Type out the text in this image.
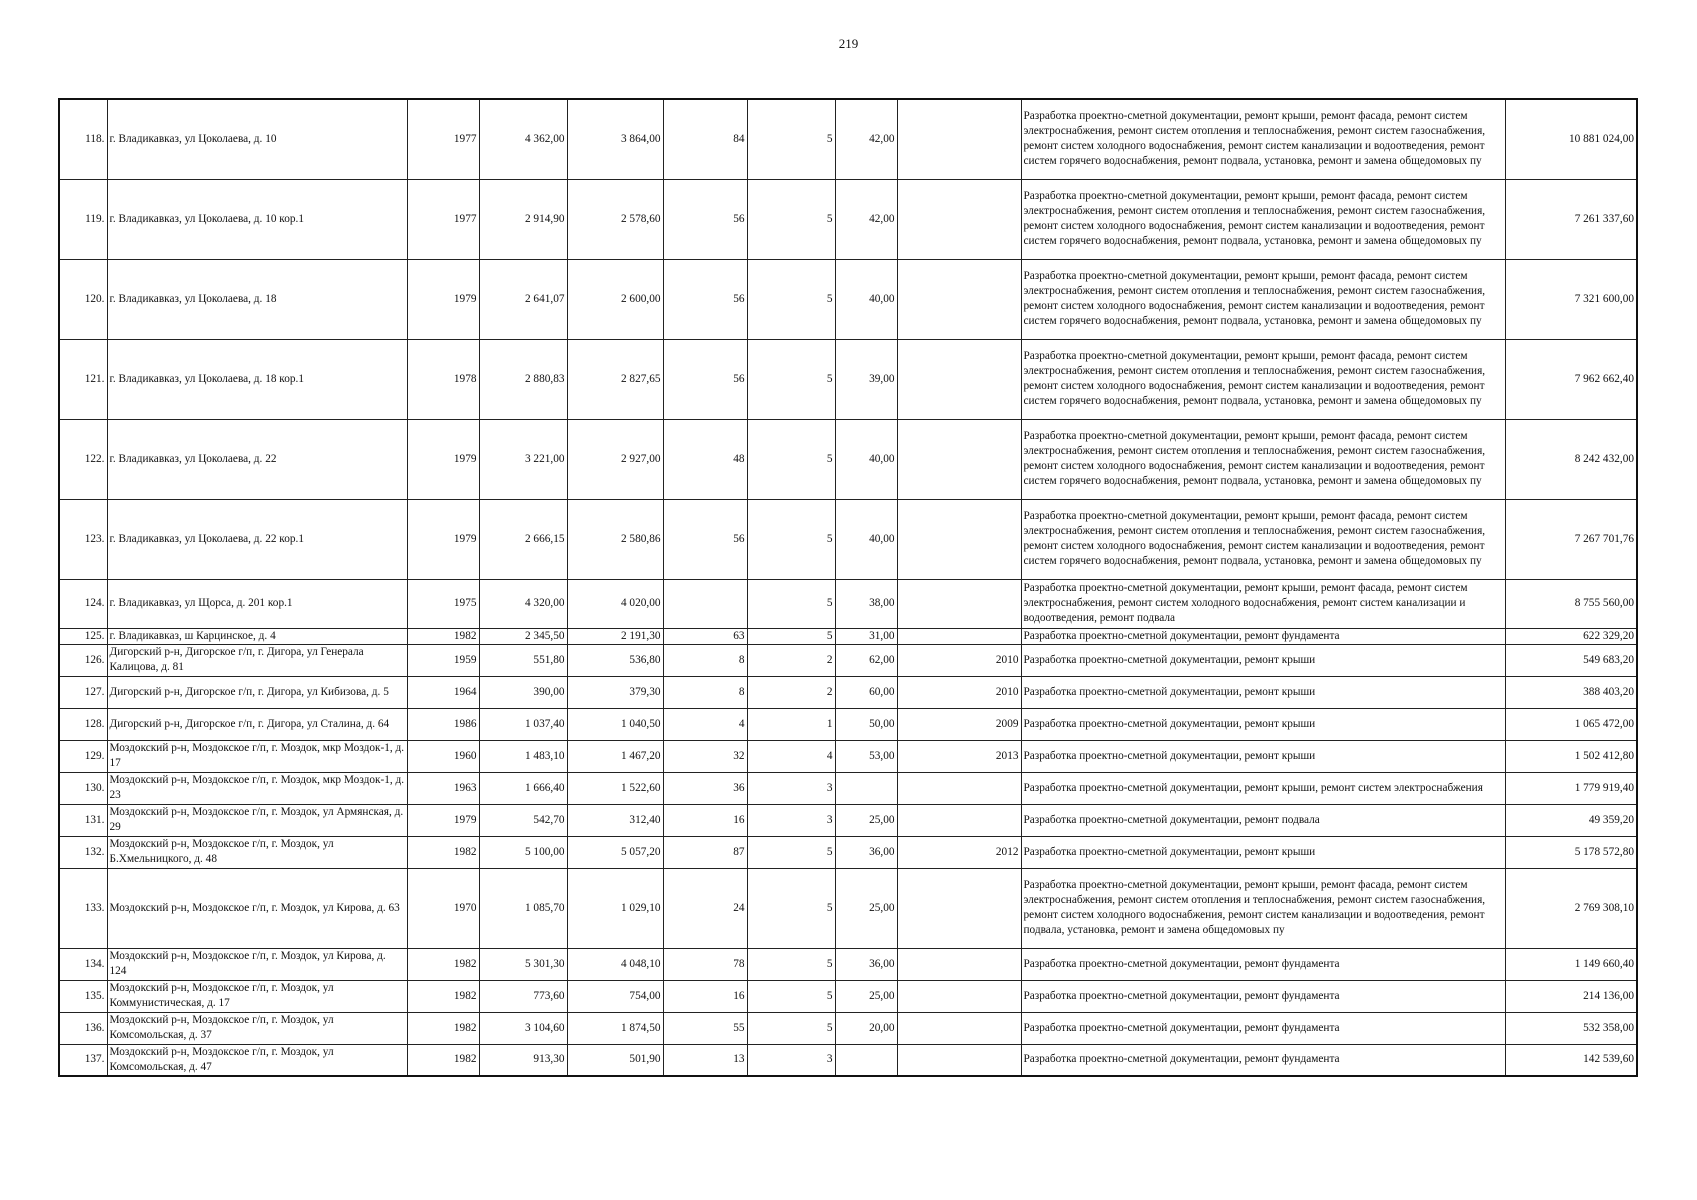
219
118.	г. Владикавказ, ул Цоколаева, д. 10	1977	4 362,00	3 864,00	84	5	42,00		Разработка проектно-сметной документации, ремонт крыши, ремонт фасада, ремонт систем электроснабжения, ремонт систем отопления и теплоснабжения, ремонт систем газоснабжения, ремонт систем холодного водоснабжения, ремонт систем канализации и водоотведения, ремонт систем горячего водоснабжения, ремонт подвала, установка, ремонт и замена общедомовых пу	10 881 024,00
119.	г. Владикавказ, ул Цоколаева, д. 10 кор.1	1977	2 914,90	2 578,60	56	5	42,00		Разработка проектно-сметной документации, ремонт крыши, ремонт фасада, ремонт систем электроснабжения, ремонт систем отопления и теплоснабжения, ремонт систем газоснабжения, ремонт систем холодного водоснабжения, ремонт систем канализации и водоотведения, ремонт систем горячего водоснабжения, ремонт подвала, установка, ремонт и замена общедомовых пу	7 261 337,60
120.	г. Владикавказ, ул Цоколаева, д. 18	1979	2 641,07	2 600,00	56	5	40,00		Разработка проектно-сметной документации, ремонт крыши, ремонт фасада, ремонт систем электроснабжения, ремонт систем отопления и теплоснабжения, ремонт систем газоснабжения, ремонт систем холодного водоснабжения, ремонт систем канализации и водоотведения, ремонт систем горячего водоснабжения, ремонт подвала, установка, ремонт и замена общедомовых пу	7 321 600,00
121.	г. Владикавказ, ул Цоколаева, д. 18 кор.1	1978	2 880,83	2 827,65	56	5	39,00		Разработка проектно-сметной документации, ремонт крыши, ремонт фасада, ремонт систем электроснабжения, ремонт систем отопления и теплоснабжения, ремонт систем газоснабжения, ремонт систем холодного водоснабжения, ремонт систем канализации и водоотведения, ремонт систем горячего водоснабжения, ремонт подвала, установка, ремонт и замена общедомовых пу	7 962 662,40
122.	г. Владикавказ, ул Цоколаева, д. 22	1979	3 221,00	2 927,00	48	5	40,00		Разработка проектно-сметной документации, ремонт крыши, ремонт фасада, ремонт систем электроснабжения, ремонт систем отопления и теплоснабжения, ремонт систем газоснабжения, ремонт систем холодного водоснабжения, ремонт систем канализации и водоотведения, ремонт систем горячего водоснабжения, ремонт подвала, установка, ремонт и замена общедомовых пу	8 242 432,00
123.	г. Владикавказ, ул Цоколаева, д. 22 кор.1	1979	2 666,15	2 580,86	56	5	40,00		Разработка проектно-сметной документации, ремонт крыши, ремонт фасада, ремонт систем электроснабжения, ремонт систем отопления и теплоснабжения, ремонт систем газоснабжения, ремонт систем холодного водоснабжения, ремонт систем канализации и водоотведения, ремонт систем горячего водоснабжения, ремонт подвала, установка, ремонт и замена общедомовых пу	7 267 701,76
124.	г. Владикавказ, ул Щорса, д. 201 кор.1	1975	4 320,00	4 020,00		5	38,00		Разработка проектно-сметной документации, ремонт крыши, ремонт фасада, ремонт систем электроснабжения, ремонт систем холодного водоснабжения, ремонт систем канализации и водоотведения, ремонт подвала	8 755 560,00
125.	г. Владикавказ, ш Карцинское, д. 4	1982	2 345,50	2 191,30	63	5	31,00		Разработка проектно-сметной документации, ремонт фундамента	622 329,20
126.	Дигорский р-н, Дигорское г/п, г. Дигора, ул Генерала Калицова, д. 81	1959	551,80	536,80	8	2	62,00	2010	Разработка проектно-сметной документации, ремонт крыши	549 683,20
127.	Дигорский р-н, Дигорское г/п, г. Дигора, ул Кибизова, д. 5	1964	390,00	379,30	8	2	60,00	2010	Разработка проектно-сметной документации, ремонт крыши	388 403,20
128.	Дигорский р-н, Дигорское г/п, г. Дигора, ул Сталина, д. 64	1986	1 037,40	1 040,50	4	1	50,00	2009	Разработка проектно-сметной документации, ремонт крыши	1 065 472,00
129.	Моздокский р-н, Моздокское г/п, г. Моздок, мкр Моздок-1, д. 17	1960	1 483,10	1 467,20	32	4	53,00	2013	Разработка проектно-сметной документации, ремонт крыши	1 502 412,80
130.	Моздокский р-н, Моздокское г/п, г. Моздок, мкр Моздок-1, д. 23	1963	1 666,40	1 522,60	36	3			Разработка проектно-сметной документации, ремонт крыши, ремонт систем электроснабжения	1 779 919,40
131.	Моздокский р-н, Моздокское г/п, г. Моздок, ул Армянская, д. 29	1979	542,70	312,40	16	3	25,00		Разработка проектно-сметной документации, ремонт подвала	49 359,20
132.	Моздокский р-н, Моздокское г/п, г. Моздок, ул Б.Хмельницкого, д. 48	1982	5 100,00	5 057,20	87	5	36,00	2012	Разработка проектно-сметной документации, ремонт крыши	5 178 572,80
133.	Моздокский р-н, Моздокское г/п, г. Моздок, ул Кирова, д. 63	1970	1 085,70	1 029,10	24	5	25,00		Разработка проектно-сметной документации, ремонт крыши, ремонт фасада, ремонт систем электроснабжения, ремонт систем отопления и теплоснабжения, ремонт систем газоснабжения, ремонт систем холодного водоснабжения, ремонт систем канализации и водоотведения, ремонт подвала, установка, ремонт и замена общедомовых пу	2 769 308,10
134.	Моздокский р-н, Моздокское г/п, г. Моздок, ул Кирова, д. 124	1982	5 301,30	4 048,10	78	5	36,00		Разработка проектно-сметной документации, ремонт фундамента	1 149 660,40
135.	Моздокский р-н, Моздокское г/п, г. Моздок, ул Коммунистическая, д. 17	1982	773,60	754,00	16	5	25,00		Разработка проектно-сметной документации, ремонт фундамента	214 136,00
136.	Моздокский р-н, Моздокское г/п, г. Моздок, ул Комсомольская, д. 37	1982	3 104,60	1 874,50	55	5	20,00		Разработка проектно-сметной документации, ремонт фундамента	532 358,00
137.	Моздокский р-н, Моздокское г/п, г. Моздок, ул Комсомольская, д. 47	1982	913,30	501,90	13	3			Разработка проектно-сметной документации, ремонт фундамента	142 539,60
